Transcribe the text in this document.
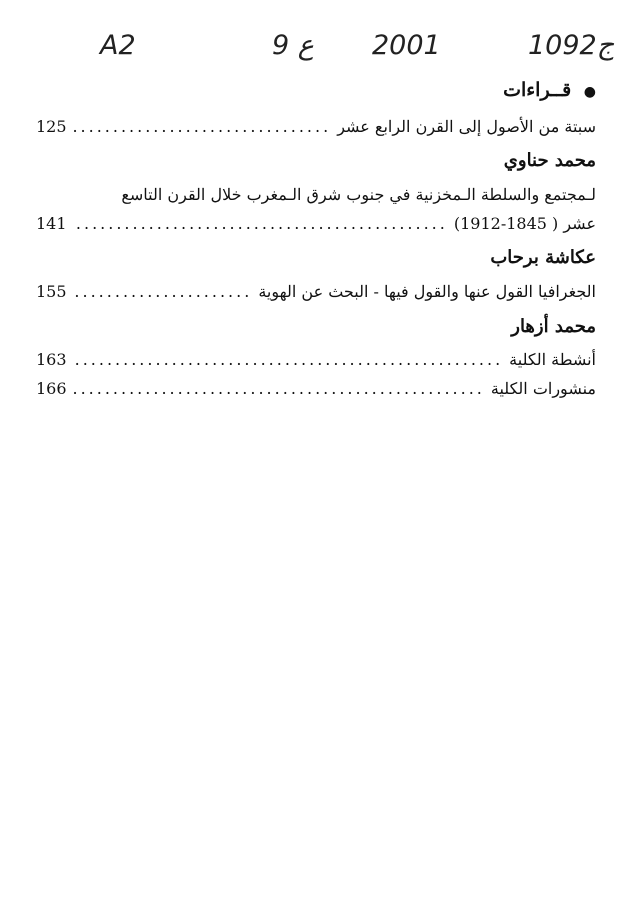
A2	ع 9 2001	1092ج
● قــراءات
سبتة من الأصول إلى القرن الرابع عشر
.....
125
محمد حناوي
لـمجتمع والسلطة الـمخزنية في جنوب شرق الـمغرب خلال القرن التاسع
عشر ( 1845-1912)
.....
141
عكاشة برحاب
الجغرافيا القول عنها والقول فيها - البحث عن الهوية
.....
155
محمد أزهار
أنشطة الكلية
.....
163
منشورات الكلية
.....
166
